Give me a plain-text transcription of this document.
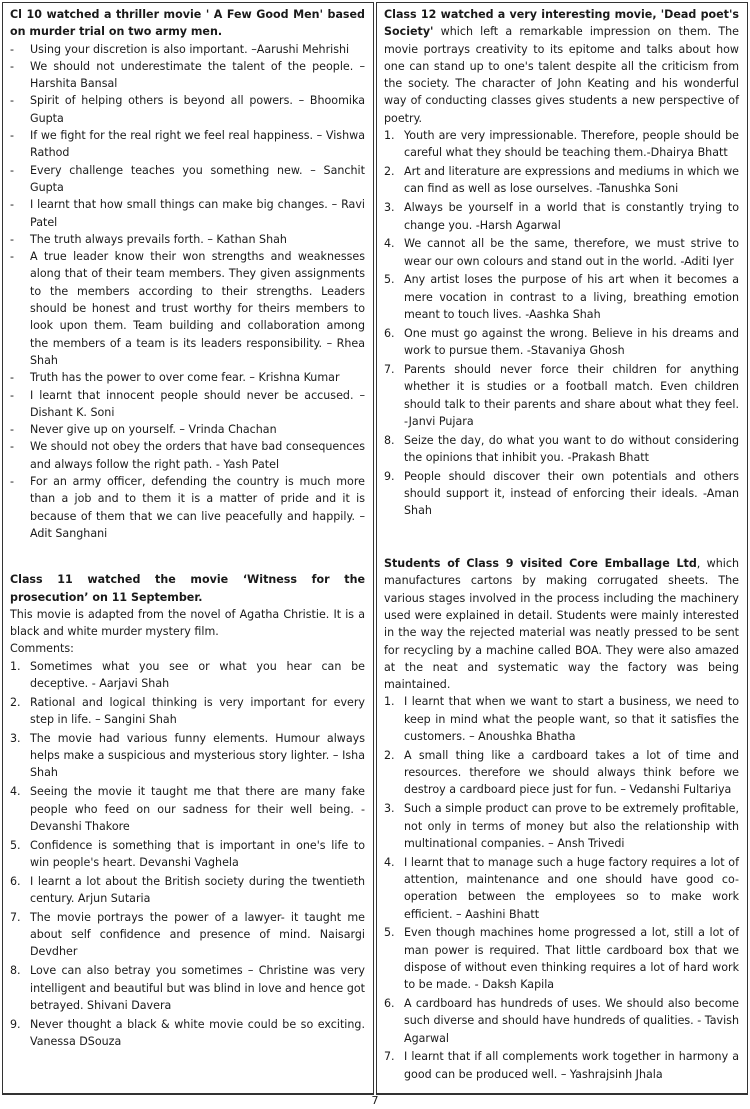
Cl 10 watched a thriller movie ' A Few Good Men' based on murder trial on two army men.

- Using your discretion is also important. –Aarushi Mehrishi
- We should not underestimate the talent of the people. – Harshita Bansal
- Spirit of helping others is beyond all powers. – Bhoomika Gupta
- If we fight for the real right we feel real happiness. – Vishwa Rathod
- Every challenge teaches you something new. – Sanchit Gupta
- I learnt that how small things can make big changes. – Ravi Patel
- The truth always prevails forth. – Kathan Shah
- A true leader know their won strengths and weaknesses along that of their team members. They given assignments to the members according to their strengths. Leaders should be honest and trust worthy for theirs members to look upon them. Team building and collaboration among the members of a team is its leaders responsibility. – Rhea Shah
- Truth has the power to over come fear. – Krishna Kumar
- I learnt that innocent people should never be accused. – Dishant K. Soni
- Never give up on yourself. – Vrinda Chachan
- We should not obey the orders that have bad consequences and always follow the right path. - Yash Patel
- For an army officer, defending the country is much more than a job and to them it is a matter of pride and it is because of them that we can live peacefully and happily. – Adit Sanghani

Class 11 watched the movie ‘Witness for the prosecution’ on 11 September.

This movie is adapted from the novel of Agatha Christie. It is a black and white murder mystery film.

Comments:

1. Sometimes what you see or what you hear can be deceptive. - Aarjavi Shah
2. Rational and logical thinking is very important for every step in life. – Sangini Shah
3. The movie had various funny elements. Humour always helps make a suspicious and mysterious story lighter. – Isha Shah
4. Seeing the movie it taught me that there are many fake people who feed on our sadness for their well being. - Devanshi Thakore
5. Confidence is something that is important in one's life to win people's heart. Devanshi Vaghela
6. I learnt a lot about the British society during the twentieth century. Arjun Sutaria
7. The movie portrays the power of a lawyer- it taught me about self confidence and presence of mind. Naisargi Devdher
8. Love can also betray you sometimes – Christine was very intelligent and beautiful but was blind in love and hence got betrayed. Shivani Davera
9. Never thought a black & white movie could be so exciting. Vanessa DSouza

Class 12 watched a very interesting movie, 'Dead poet's Society' which left a remarkable impression on them. The movie portrays creativity to its epitome and talks about how one can stand up to one's talent despite all the criticism from the society. The character of John Keating and his wonderful way of conducting classes gives students a new perspective of poetry.

1. Youth are very impressionable. Therefore, people should be careful what they should be teaching them.-Dhairya Bhatt
2. Art and literature are expressions and mediums in which we can find as well as lose ourselves. -Tanushka Soni
3. Always be yourself in a world that is constantly trying to change you. -Harsh Agarwal
4. We cannot all be the same, therefore, we must strive to wear our own colours and stand out in the world. -Aditi Iyer
5. Any artist loses the purpose of his art when it becomes a mere vocation in contrast to a living, breathing emotion meant to touch lives. -Aashka Shah
6. One must go against the wrong. Believe in his dreams and work to pursue them. -Stavaniya Ghosh
7. Parents should never force their children for anything whether it is studies or a football match. Even children should talk to their parents and share about what they feel. -Janvi Pujara
8. Seize the day, do what you want to do without considering the opinions that inhibit you. -Prakash Bhatt
9. People should discover their own potentials and others should support it, instead of enforcing their ideals. -Aman Shah

Students of Class 9 visited Core Emballage Ltd, which manufactures cartons by making corrugated sheets. The various stages involved in the process including the machinery used were explained in detail. Students were mainly interested in the way the rejected material was neatly pressed to be sent for recycling by a machine called BOA. They were also amazed at the neat and systematic way the factory was being maintained.

1. I learnt that when we want to start a business, we need to keep in mind what the people want, so that it satisfies the customers. – Anoushka Bhatha
2. A small thing like a cardboard takes a lot of time and resources. therefore we should always think before we destroy a cardboard piece just for fun. – Vedanshi Fultariya
3. Such a simple product can prove to be extremely profitable, not only in terms of money but also the relationship with multinational companies. – Ansh Trivedi
4. I learnt that to manage such a huge factory requires a lot of attention, maintenance and one should have good co-operation between the employees so to make work efficient. – Aashini Bhatt
5. Even though machines home progressed a lot, still a lot of man power is required. That little cardboard box that we dispose of without even thinking requires a lot of hard work to be made. - Daksh Kapila
6. A cardboard has hundreds of uses. We should also become such diverse and should have hundreds of qualities. - Tavish Agarwal
7. I learnt that if all complements work together in harmony a good can be produced well. – Yashrajsinh Jhala
7
